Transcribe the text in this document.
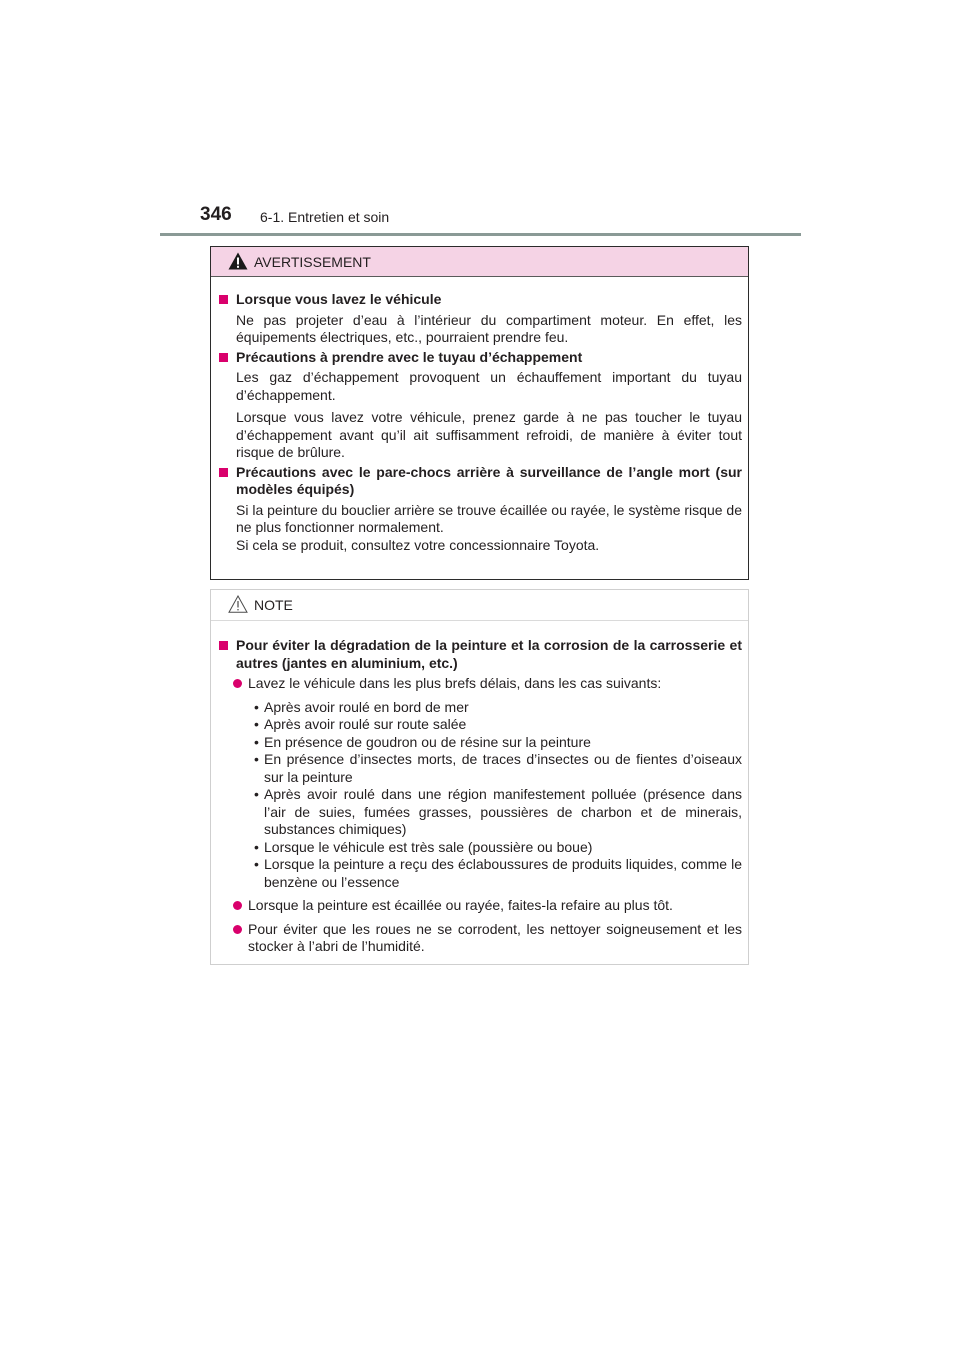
346 6-1. Entretien et soin
AVERTISSEMENT
Lorsque vous lavez le véhicule
Ne pas projeter d’eau à l’intérieur du compartiment moteur. En effet, les équipements électriques, etc., pourraient prendre feu.
Précautions à prendre avec le tuyau d’échappement
Les gaz d’échappement provoquent un échauffement important du tuyau d’échappement.
Lorsque vous lavez votre véhicule, prenez garde à ne pas toucher le tuyau d’échappement avant qu’il ait suffisamment refroidi, de manière à éviter tout risque de brûlure.
Précautions avec le pare-chocs arrière à surveillance de l’angle mort (sur modèles équipés)
Si la peinture du bouclier arrière se trouve écaillée ou rayée, le système risque de ne plus fonctionner normalement.
Si cela se produit, consultez votre concessionnaire Toyota.
NOTE
Pour éviter la dégradation de la peinture et la corrosion de la carrosserie et autres (jantes en aluminium, etc.)
Lavez le véhicule dans les plus brefs délais, dans les cas suivants:
• Après avoir roulé en bord de mer
• Après avoir roulé sur route salée
• En présence de goudron ou de résine sur la peinture
• En présence d’insectes morts, de traces d’insectes ou de fientes d’oiseaux sur la peinture
• Après avoir roulé dans une région manifestement polluée (présence dans l’air de suies, fumées grasses, poussières de charbon et de minerais, substances chimiques)
• Lorsque le véhicule est très sale (poussière ou boue)
• Lorsque la peinture a reçu des éclaboussures de produits liquides, comme le benzène ou l’essence
Lorsque la peinture est écaillée ou rayée, faites-la refaire au plus tôt.
Pour éviter que les roues ne se corrodent, les nettoyer soigneusement et les stocker à l’abri de l’humidité.
